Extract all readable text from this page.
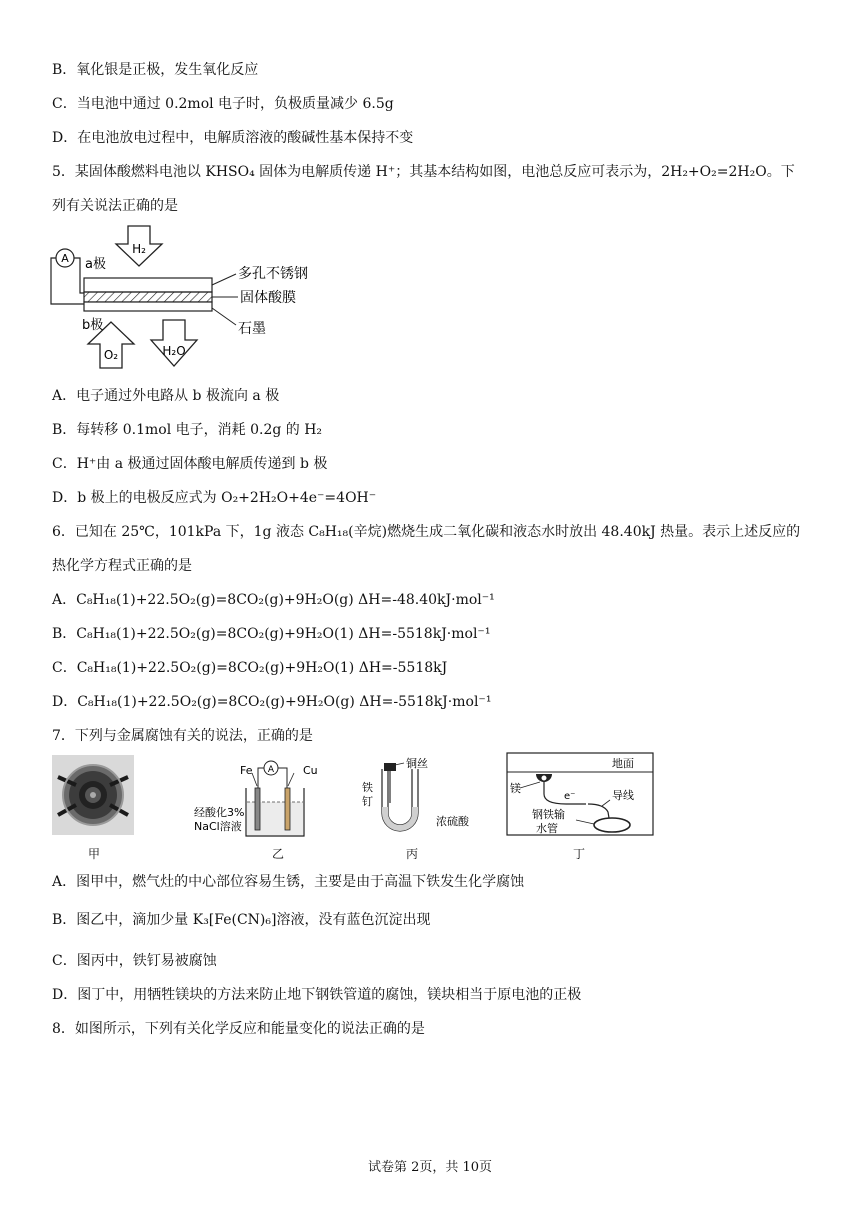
B．氧化银是正极，发生氧化反应
C．当电池中通过 0.2mol 电子时，负极质量减少 6.5g
D．在电池放电过程中，电解质溶液的酸碱性基本保持不变
5．某固体酸燃料电池以 KHSO₄ 固体为电解质传递 H⁺；其基本结构如图，电池总反应可表示为，2H₂+O₂=2H₂O。下
列有关说法正确的是
H₂
A a极
多孔不锈钢
固体酸膜
石墨
b极
O₂	H₂O
A．电子通过外电路从 b 极流向 a 极
B．每转移 0.1mol 电子，消耗 0.2g 的 H₂
C．H⁺由 a 极通过固体酸电解质传递到 b 极
D．b 极上的电极反应式为 O₂+2H₂O+4e⁻=4OH⁻
6．已知在 25℃，101kPa 下，1g 液态 C₈H₁₈(辛烷)燃烧生成二氧化碳和液态水时放出 48.40kJ 热量。表示上述反应的
热化学方程式正确的是
A．C₈H₁₈(1)+22.5O₂(g)=8CO₂(g)+9H₂O(g) ΔH=-48.40kJ·mol⁻¹
B．C₈H₁₈(1)+22.5O₂(g)=8CO₂(g)+9H₂O(1) ΔH=-5518kJ·mol⁻¹
C．C₈H₁₈(1)+22.5O₂(g)=8CO₂(g)+9H₂O(1) ΔH=-5518kJ
D．C₈H₁₈(1)+22.5O₂(g)=8CO₂(g)+9H₂O(g) ΔH=-5518kJ·mol⁻¹
7．下列与金属腐蚀有关的说法，正确的是
Fe A	Cu
经酸化3%
NaCl溶液
铜丝
铁
钉
浓硫酸
地面
镁
e⁻	导线
钢铁输
水管
甲	乙	丙	丁
A．图甲中，燃气灶的中心部位容易生锈，主要是由于高温下铁发生化学腐蚀
B．图乙中，滴加少量 K₃[Fe(CN)₆]溶液，没有蓝色沉淀出现
C．图丙中，铁钉易被腐蚀
D．图丁中，用牺牲镁块的方法来防止地下钢铁管道的腐蚀，镁块相当于原电池的正极
8．如图所示，下列有关化学反应和能量变化的说法正确的是
试卷第 2页，共 10页
